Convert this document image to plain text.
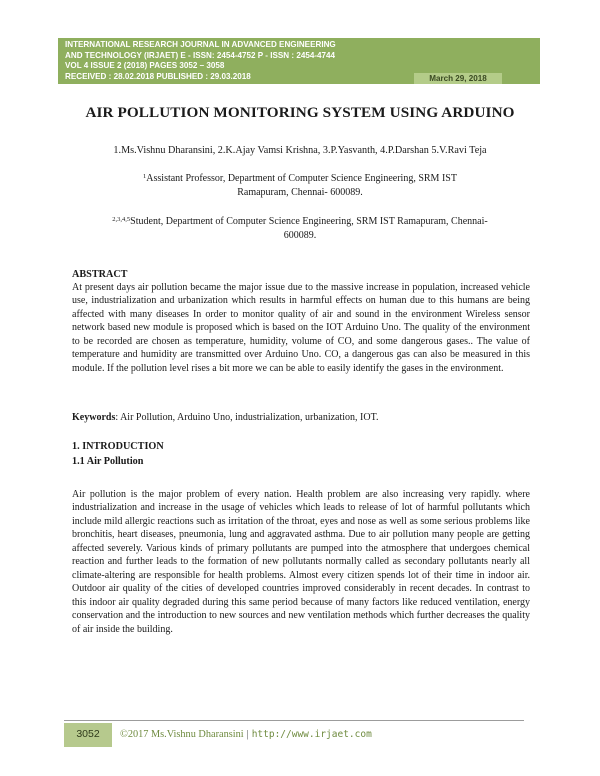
INTERNATIONAL RESEARCH JOURNAL IN ADVANCED ENGINEERING
AND TECHNOLOGY (IRJAET) E - ISSN: 2454-4752 P - ISSN : 2454-4744
VOL 4 ISSUE 2 (2018) PAGES 3052 – 3058
RECEIVED : 28.02.2018 PUBLISHED : 29.03.2018	March 29, 2018
AIR POLLUTION MONITORING SYSTEM USING ARDUINO
1.Ms.Vishnu Dharansini, 2.K.Ajay Vamsi Krishna, 3.P.Yasvanth, 4.P.Darshan 5.V.Ravi Teja
$^1$Assistant Professor, Department of Computer Science Engineering, SRM IST Ramapuram, Chennai- 600089.
$^{2,3,4,5}$Student, Department of Computer Science Engineering, SRM IST Ramapuram, Chennai-600089.
ABSTRACT

At present days air pollution became the major issue due to the massive increase in population, increased vehicle use, industrialization and urbanization which results in harmful effects on human due to this humans are being affected with many diseases In order to monitor quality of air and sound in the environment Wireless sensor network based new module is proposed which is based on the IOT Arduino Uno. The quality of the environment to be recorded are chosen as temperature, humidity, volume of CO, and some dangerous gases.. The value of temperature and humidity are transmitted over Arduino Uno. CO, a dangerous gas can also be measured in this module. If the pollution level rises a bit more we can be able to easily identify the gases in the environment.

Keywords: Air Pollution, Arduino Uno, industrialization, urbanization, IOT.

1. INTRODUCTION
1.1 Air Pollution

Air pollution is the major problem of every nation. Health problem are also increasing very rapidly. where industrialization and increase in the usage of vehicles which leads to release of lot of harmful pollutants which include mild allergic reactions such as irritation of the throat, eyes and nose as well as some serious problems like bronchitis, heart diseases, pneumonia, lung and aggravated asthma. Due to air pollution many people are getting affected severely. Various kinds of primary pollutants are pumped into the atmosphere that undergoes chemical reaction and further leads to the formation of new pollutants normally called as secondary pollutants nearly all climate-altering are responsible for health problems. Almost every citizen spends lot of their time in indoor air. Outdoor air quality of the cities of developed countries improved considerably in recent decades. In contrast to this indoor air quality degraded during this same period because of many factors like reduced ventilation, energy conservation and the introduction to new sources and new ventilation methods which further decreases the quality of air inside the building.

3052	©2017 Ms.Vishnu Dharansini | http://www.irjaet.com
